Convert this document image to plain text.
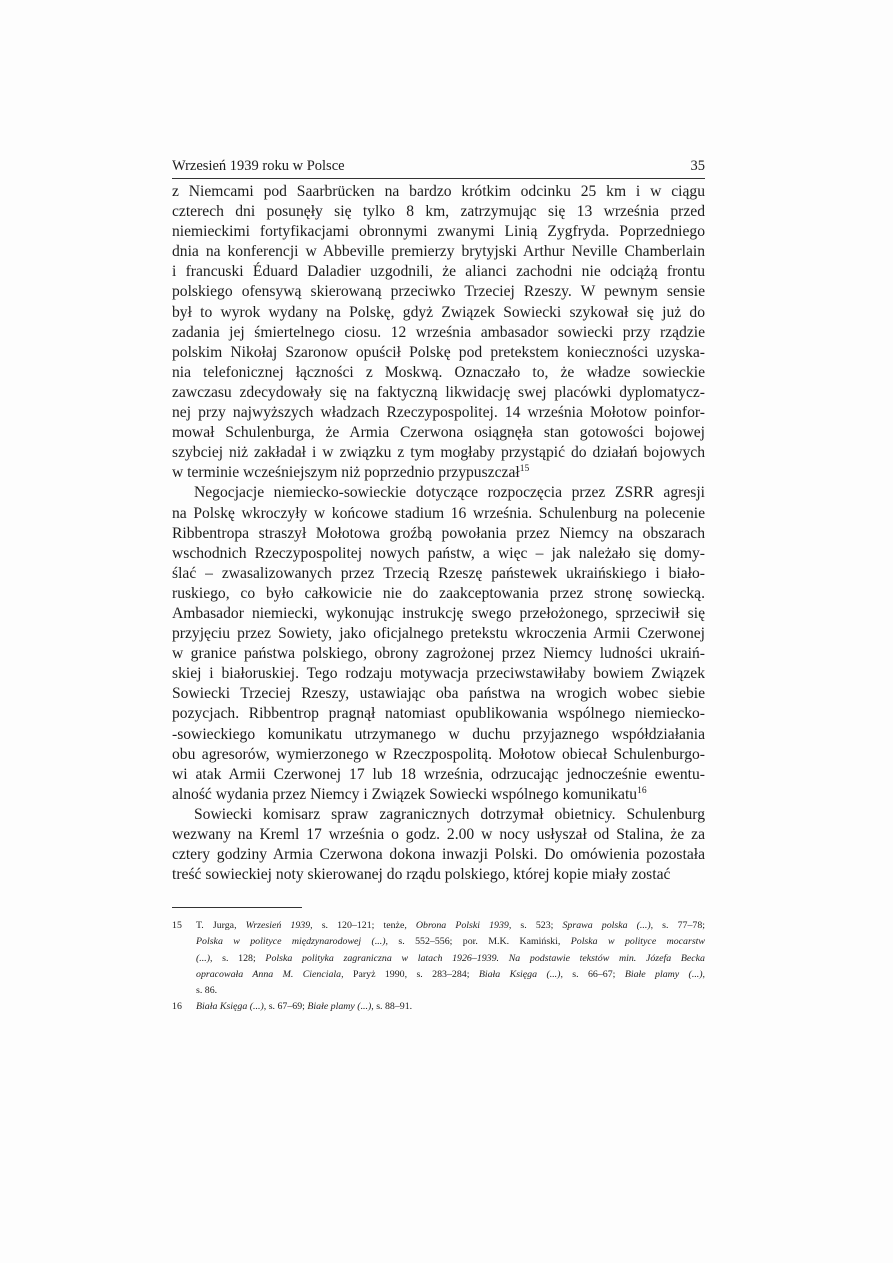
Wrzesień 1939 roku w Polsce	35
z Niemcami pod Saarbrücken na bardzo krótkim odcinku 25 km i w ciągu
czterech dni posunęły się tylko 8 km, zatrzymując się 13 września przed
niemieckimi fortyfikacjami obronnymi zwanymi Linią Zygfryda. Poprzedniego
dnia na konferencji w Abbeville premierzy brytyjski Arthur Neville Chamberlain
i francuski Éduard Daladier uzgodnili, że alianci zachodni nie odciążą frontu
polskiego ofensywą skierowaną przeciwko Trzeciej Rzeszy. W pewnym sensie
był to wyrok wydany na Polskę, gdyż Związek Sowiecki szykował się już do
zadania jej śmiertelnego ciosu. 12 września ambasador sowiecki przy rządzie
polskim Nikołaj Szaronow opuścił Polskę pod pretekstem konieczności uzyska-
nia telefonicznej łączności z Moskwą. Oznaczało to, że władze sowieckie
zawczasu zdecydowały się na faktyczną likwidację swej placówki dyplomatycz-
nej przy najwyższych władzach Rzeczypospolitej. 14 września Mołotow poinfor-
mował Schulenburga, że Armia Czerwona osiągnęła stan gotowości bojowej
szybciej niż zakładał i w związku z tym mogłaby przystąpić do działań bojowych
w terminie wcześniejszym niż poprzednio przypuszczał$^{15}$
Negocjacje niemiecko-sowieckie dotyczące rozpoczęcia przez ZSRR agresji
na Polskę wkroczyły w końcowe stadium 16 września. Schulenburg na polecenie
Ribbentropa straszył Mołotowa groźbą powołania przez Niemcy na obszarach
wschodnich Rzeczypospolitej nowych państw, a więc – jak należało się domy-
ślać – zwasalizowanych przez Trzecią Rzeszę państewek ukraińskiego i biało-
ruskiego, co było całkowicie nie do zaakceptowania przez stronę sowiecką.
Ambasador niemiecki, wykonując instrukcję swego przełożonego, sprzeciwił się
przyjęciu przez Sowiety, jako oficjalnego pretekstu wkroczenia Armii Czerwonej
w granice państwa polskiego, obrony zagrożonej przez Niemcy ludności ukraiń-
skiej i białoruskiej. Tego rodzaju motywacja przeciwstawiłaby bowiem Związek
Sowiecki Trzeciej Rzeszy, ustawiając oba państwa na wrogich wobec siebie
pozycjach. Ribbentrop pragnął natomiast opublikowania wspólnego niemiecko-
-sowieckiego komunikatu utrzymanego w duchu przyjaznego współdziałania
obu agresorów, wymierzonego w Rzeczpospolitą. Mołotow obiecał Schulenburgo-
wi atak Armii Czerwonej 17 lub 18 września, odrzucając jednocześnie ewentu-
alność wydania przez Niemcy i Związek Sowiecki wspólnego komunikatu$^{16}$
Sowiecki komisarz spraw zagranicznych dotrzymał obietnicy. Schulenburg
wezwany na Kreml 17 września o godz. 2.00 w nocy usłyszał od Stalina, że za
cztery godziny Armia Czerwona dokona inwazji Polski. Do omówienia pozostała
treść sowieckiej noty skierowanej do rządu polskiego, której kopie miały zostać
15 T. Jurga, Wrzesień 1939, s. 120–121; tenże, Obrona Polski 1939, s. 523; Sprawa polska (...), s. 77–78;
Polska w polityce międzynarodowej (...), s. 552–556; por. M.K. Kamiński, Polska w polityce mocarstw
(...), s. 128; Polska polityka zagraniczna w latach 1926–1939. Na podstawie tekstów min. Józefa Becka
opracowała Anna M. Cienciala, Paryż 1990, s. 283–284; Biała Księga (...), s. 66–67; Białe plamy (...),
s. 86.
16 Biała Księga (...), s. 67–69; Białe plamy (...), s. 88–91.
